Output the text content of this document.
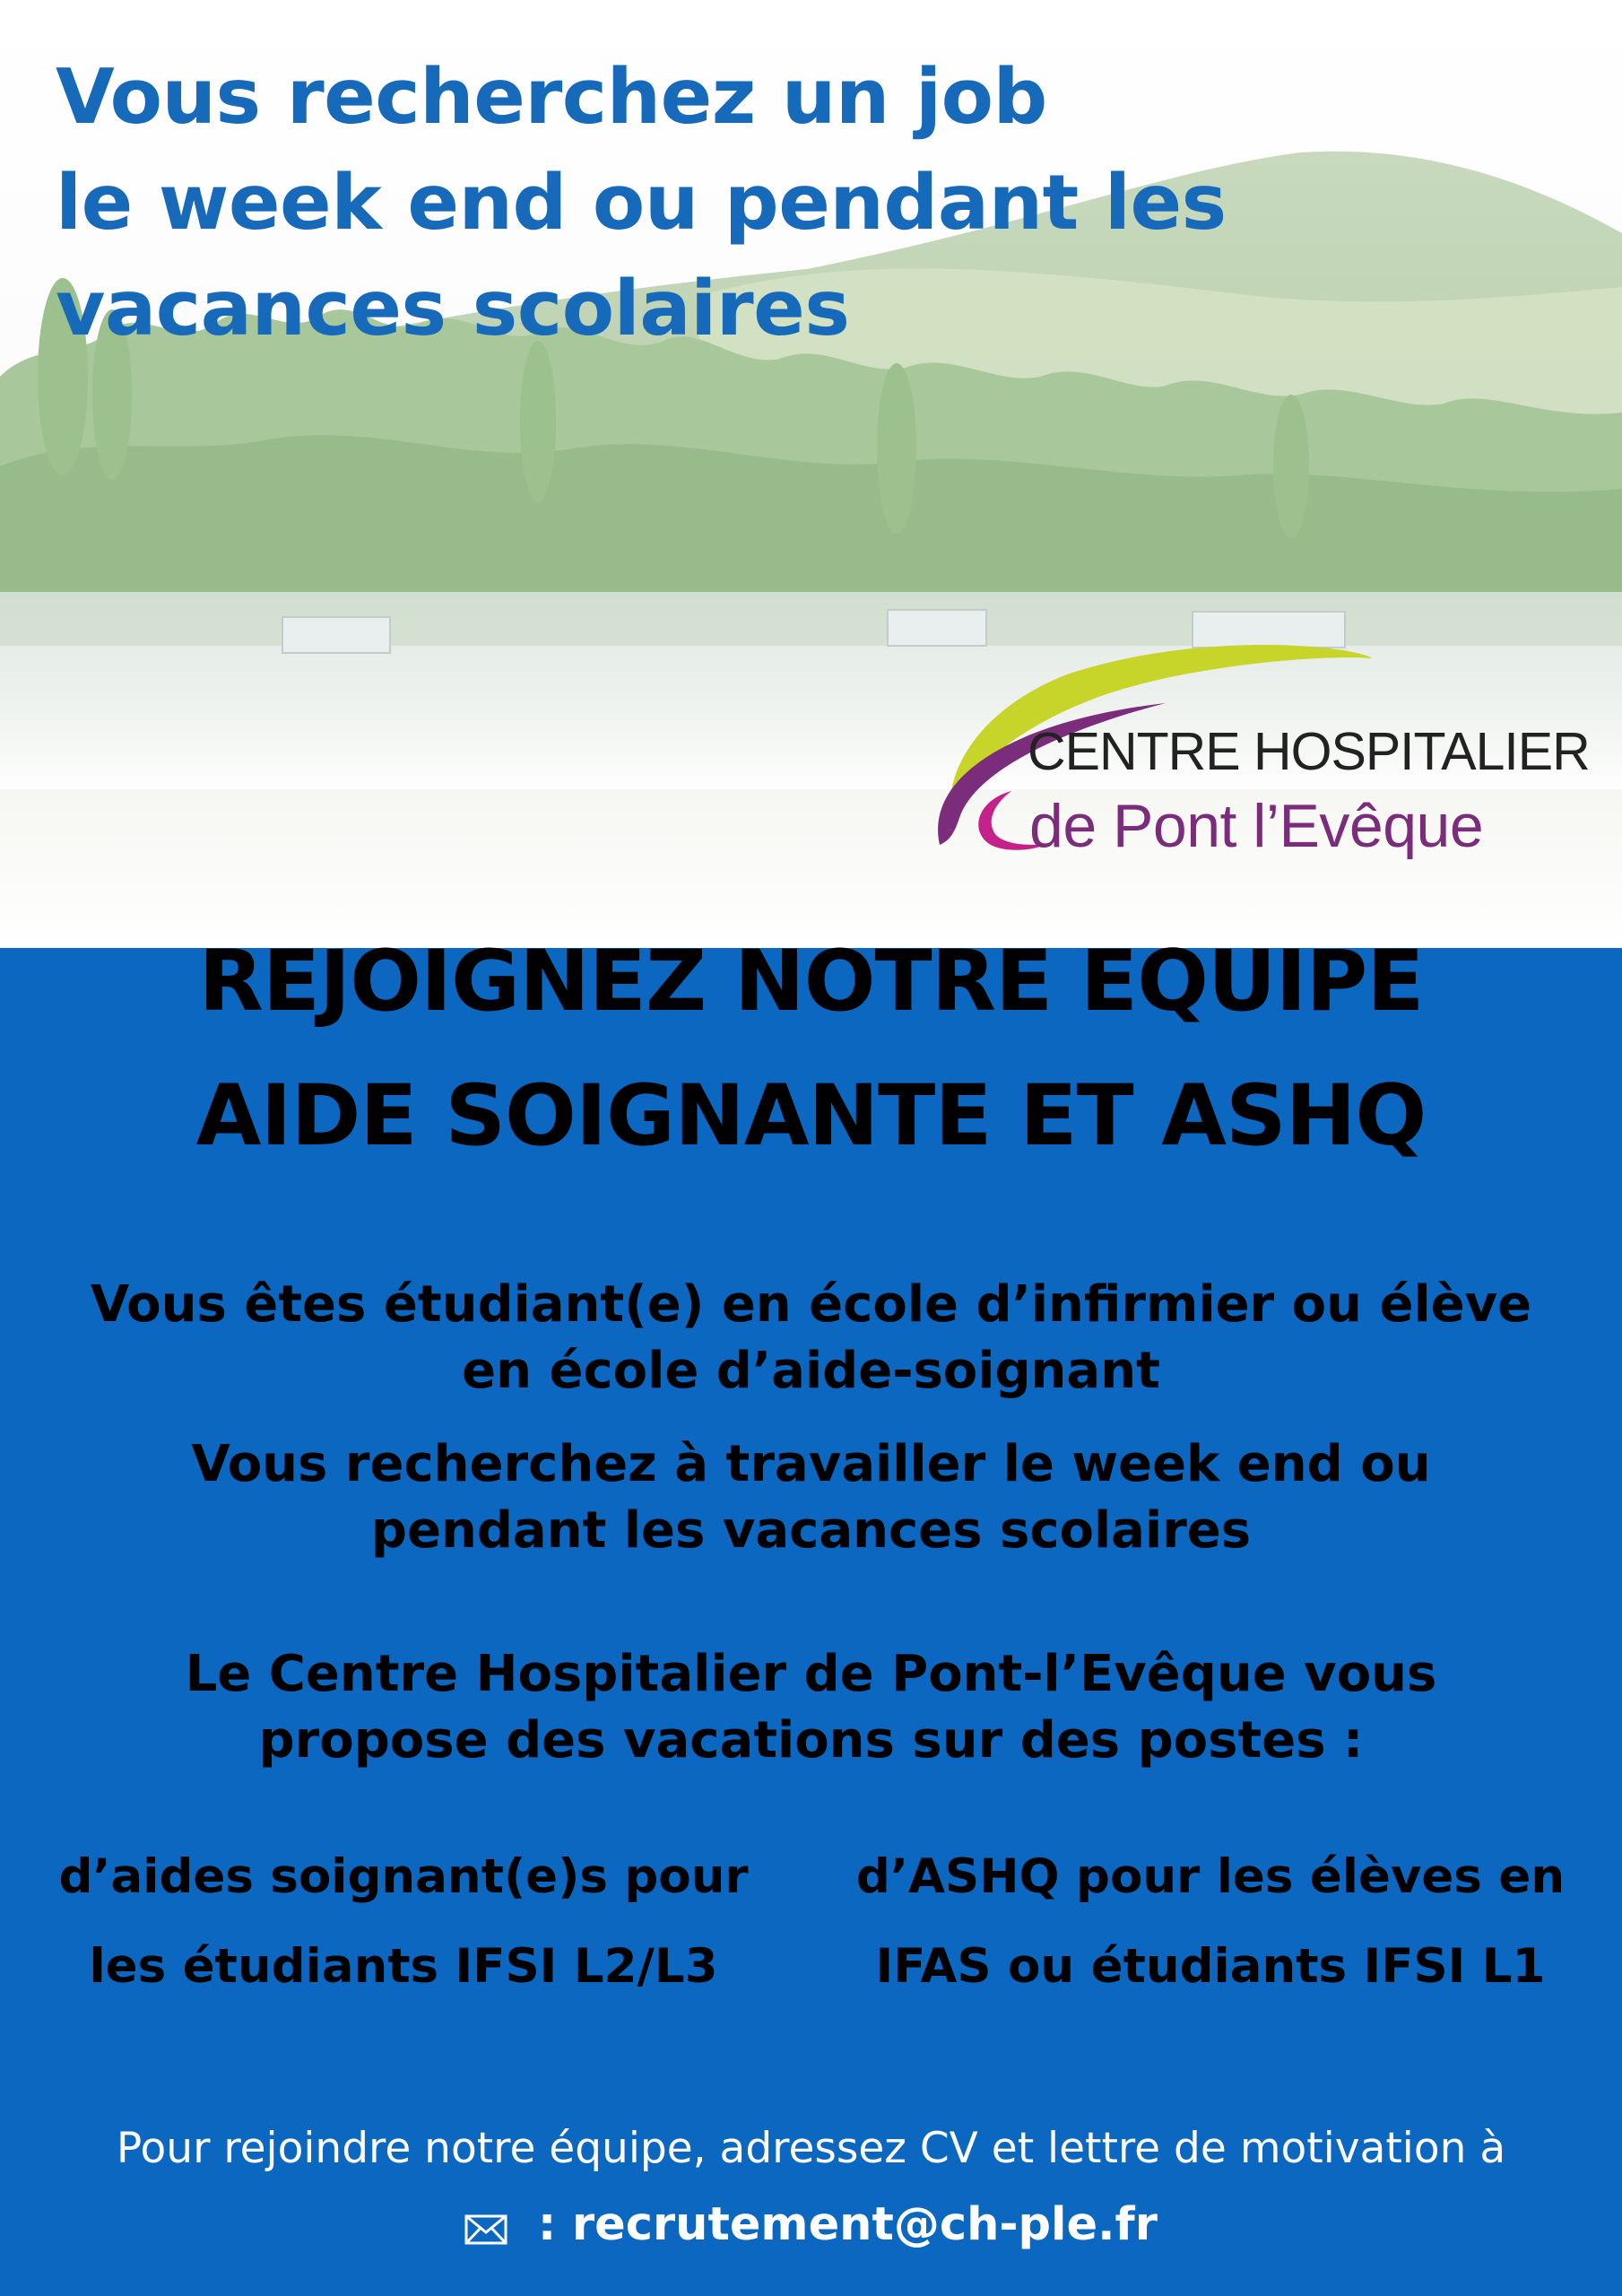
Vous recherchez un job
le week end ou pendant les
vacances scolaires
CENTRE HOSPITALIER
de Pont l’Evêque
REJOIGNEZ NOTRE EQUIPE
AIDE SOIGNANTE ET ASHQ

Vous êtes étudiant(e) en école d’infirmier ou élève
en école d’aide-soignant

Vous recherchez à travailler le week end ou
pendant les vacances scolaires

Le Centre Hospitalier de Pont-l’Evêque vous
propose des vacations sur des postes :

d’aides soignant(e)s pour
les étudiants IFSI L2/L3

d’ASHQ pour les élèves en
IFAS ou étudiants IFSI L1

Pour rejoindre notre équipe, adressez CV et lettre de motivation à

: recrutement@ch-ple.fr
